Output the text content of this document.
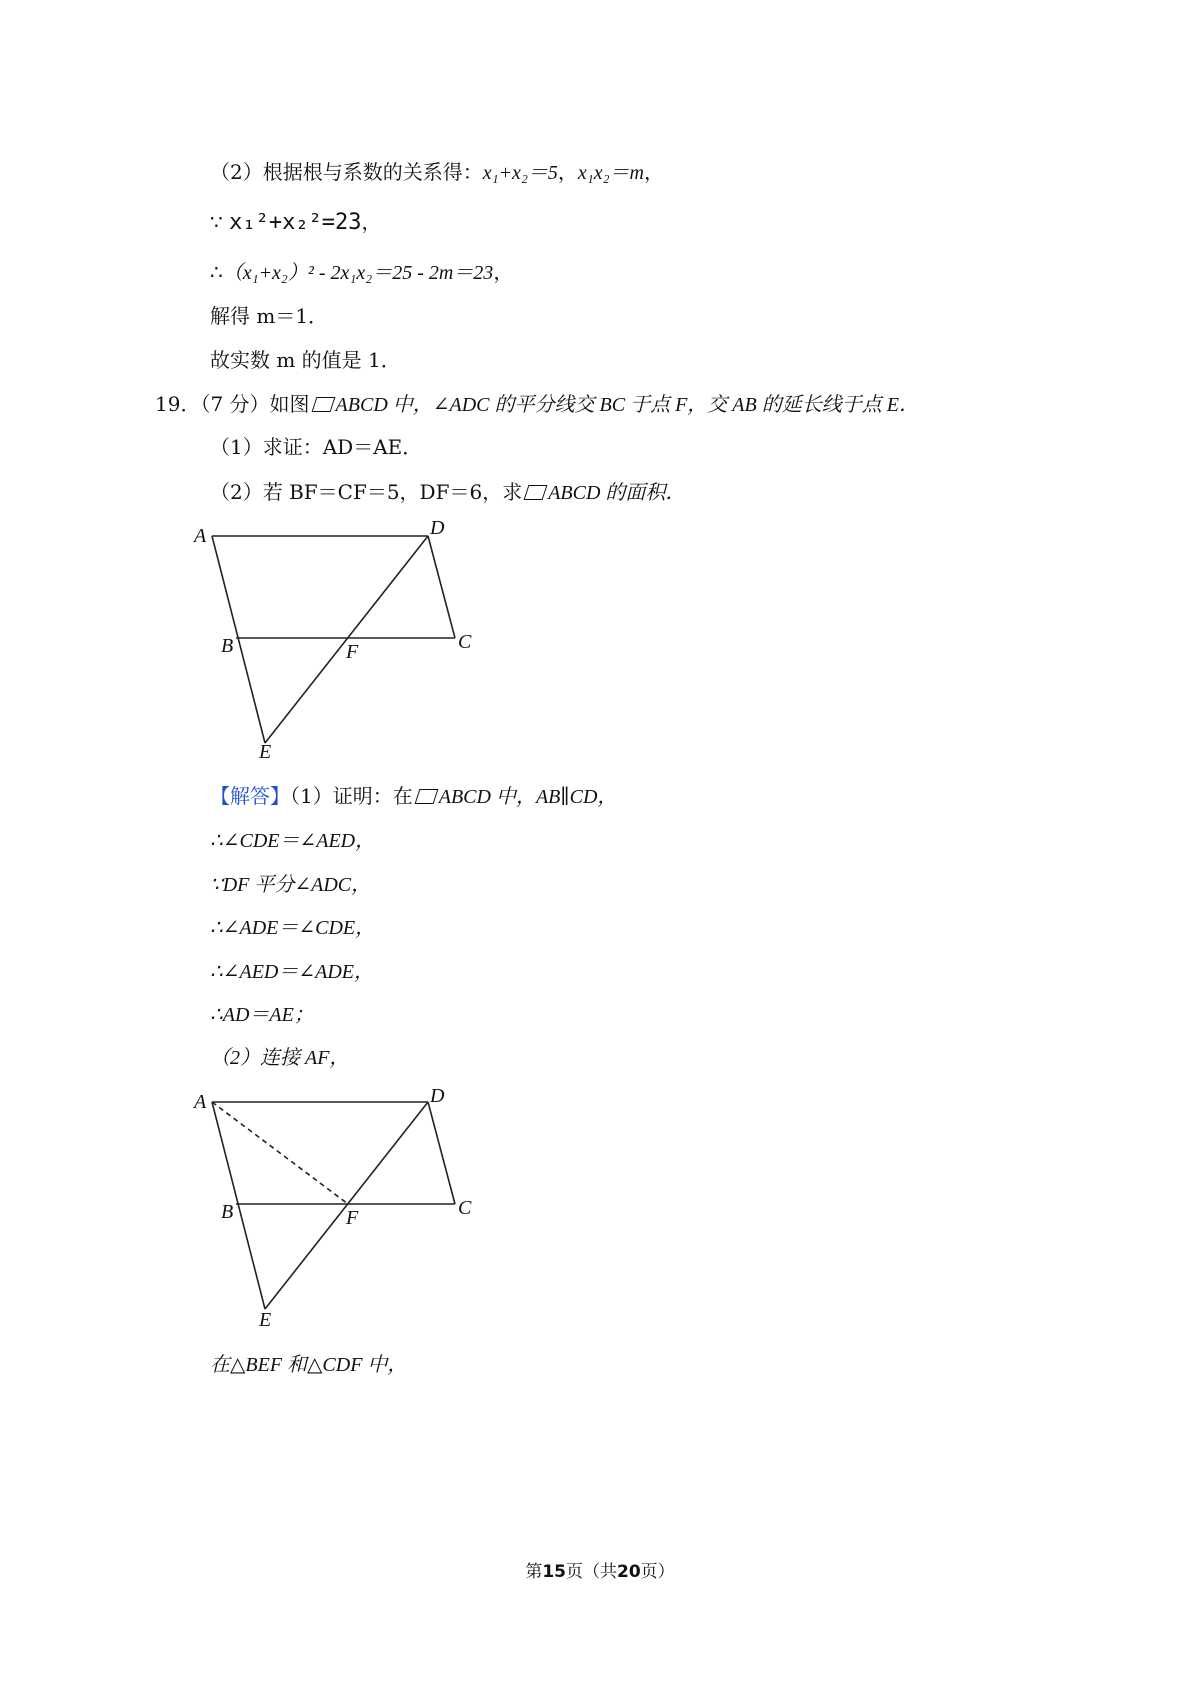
（2）根据根与系数的关系得：x₁+x₂＝5，x₁x₂＝m，
∵ x₁²+x₂²=23，
∴（x₁+x₂）² - 2x₁x₂＝25 - 2m＝23，
解得 m＝1．
故实数 m 的值是 1．
19．（7 分）如图 ABCD 中，∠ADC 的平分线交 BC 于点 F，交 AB 的延长线于点 E．
（1）求证：AD＝AE．
（2）若 BF＝CF＝5，DF＝6，求 ABCD 的面积．
A	D
B	F	C
E
【解答】（1）证明：在 ABCD 中，AB∥CD，
∴∠CDE＝∠AED，
∵DF 平分∠ADC，
∴∠ADE＝∠CDE，
∴∠AED＝∠ADE，
∴AD＝AE；
（2）连接 AF，
A	D
B	F	C
E
在△BEF 和△CDF 中，
第15页（共20页）
